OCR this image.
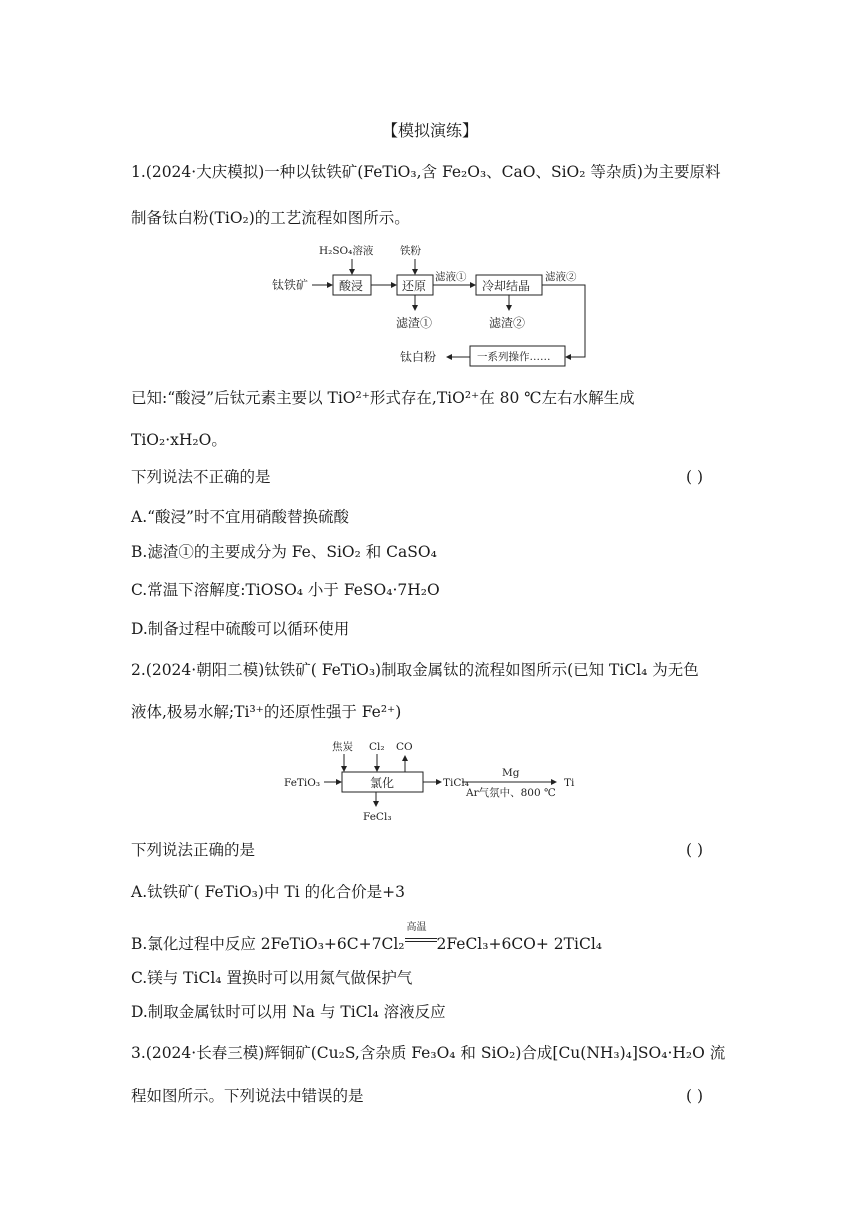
【模拟演练】
1.(2024·大庆模拟)一种以钛铁矿(FeTiO₃,含 Fe₂O₃、CaO、SiO₂ 等杂质)为主要原料
制备钛白粉(TiO₂)的工艺流程如图所示。
钛铁矿	酸浸
H₂SO₄溶液
还原
铁粉
滤渣①
滤液①
冷却结晶
滤渣②
滤液②
一系列操作……
钛白粉
已知:“酸浸”后钛元素主要以 TiO²⁺形式存在,TiO²⁺在 80 ℃左右水解生成
TiO₂·xH₂O。
下列说法不正确的是	( )
A.“酸浸”时不宜用硝酸替换硫酸
B.滤渣①的主要成分为 Fe、SiO₂ 和 CaSO₄
C.常温下溶解度:TiOSO₄ 小于 FeSO₄·7H₂O
D.制备过程中硫酸可以循环使用
2.(2024·朝阳二模)钛铁矿( FeTiO₃)制取金属钛的流程如图所示(已知 TiCl₄ 为无色
液体,极易水解;Ti³⁺的还原性强于 Fe²⁺)
焦炭 Cl₂ CO
FeTiO₃	氯化
FeCl₃
TiCl₄
Mg
Ar气氛中、800 ℃
Ti
下列说法正确的是	( )
A.钛铁矿( FeTiO₃)中 Ti 的化合价是+3
B.氯化过程中反应 2FeTiO₃+6C+7Cl₂
高温
2FeCl₃+6CO+ 2TiCl₄
C.镁与 TiCl₄ 置换时可以用氮气做保护气
D.制取金属钛时可以用 Na 与 TiCl₄ 溶液反应
3.(2024·长春三模)辉铜矿(Cu₂S,含杂质 Fe₃O₄ 和 SiO₂)合成[Cu(NH₃)₄]SO₄·H₂O 流
程如图所示。下列说法中错误的是	( )
